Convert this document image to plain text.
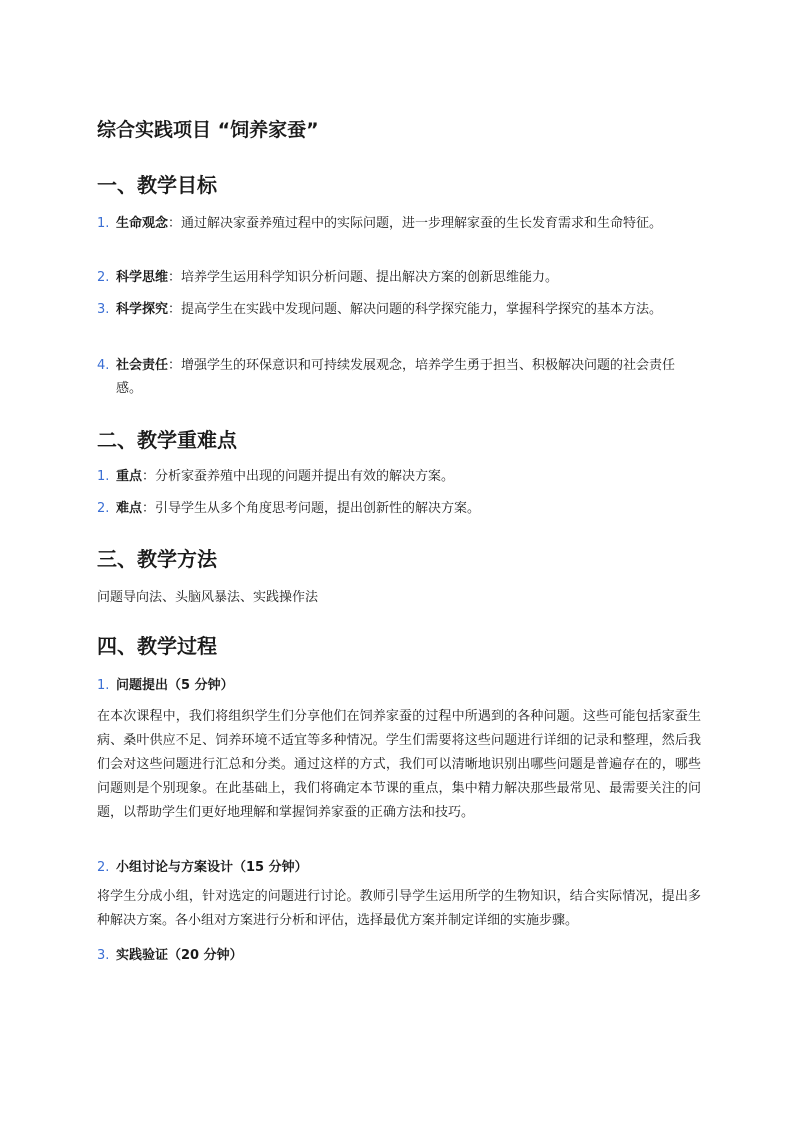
综合实践项目 “饲养家蚕”
一、教学目标
1. 生命观念：通过解决家蚕养殖过程中的实际问题，进一步理解家蚕的生长发育需求和生命特征。
2. 科学思维：培养学生运用科学知识分析问题、提出解决方案的创新思维能力。
3. 科学探究：提高学生在实践中发现问题、解决问题的科学探究能力，掌握科学探究的基本方法。
4. 社会责任：增强学生的环保意识和可持续发展观念，培养学生勇于担当、积极解决问题的社会责任感。
二、教学重难点
1. 重点：分析家蚕养殖中出现的问题并提出有效的解决方案。
2. 难点：引导学生从多个角度思考问题，提出创新性的解决方案。
三、教学方法

问题导向法、头脑风暴法、实践操作法

四、教学过程
1. 问题提出（5 分钟）

在本次课程中，我们将组织学生们分享他们在饲养家蚕的过程中所遇到的各种问题。这些可能包括家蚕生病、桑叶供应不足、饲养环境不适宜等多种情况。学生们需要将这些问题进行详细的记录和整理，然后我们会对这些问题进行汇总和分类。通过这样的方式，我们可以清晰地识别出哪些问题是普遍存在的，哪些问题则是个别现象。在此基础上，我们将确定本节课的重点，集中精力解决那些最常见、最需要关注的问题，以帮助学生们更好地理解和掌握饲养家蚕的正确方法和技巧。

2. 小组讨论与方案设计（15 分钟）

将学生分成小组，针对选定的问题进行讨论。教师引导学生运用所学的生物知识，结合实际情况，提出多种解决方案。各小组对方案进行分析和评估，选择最优方案并制定详细的实施步骤。

3. 实践验证（20 分钟）
